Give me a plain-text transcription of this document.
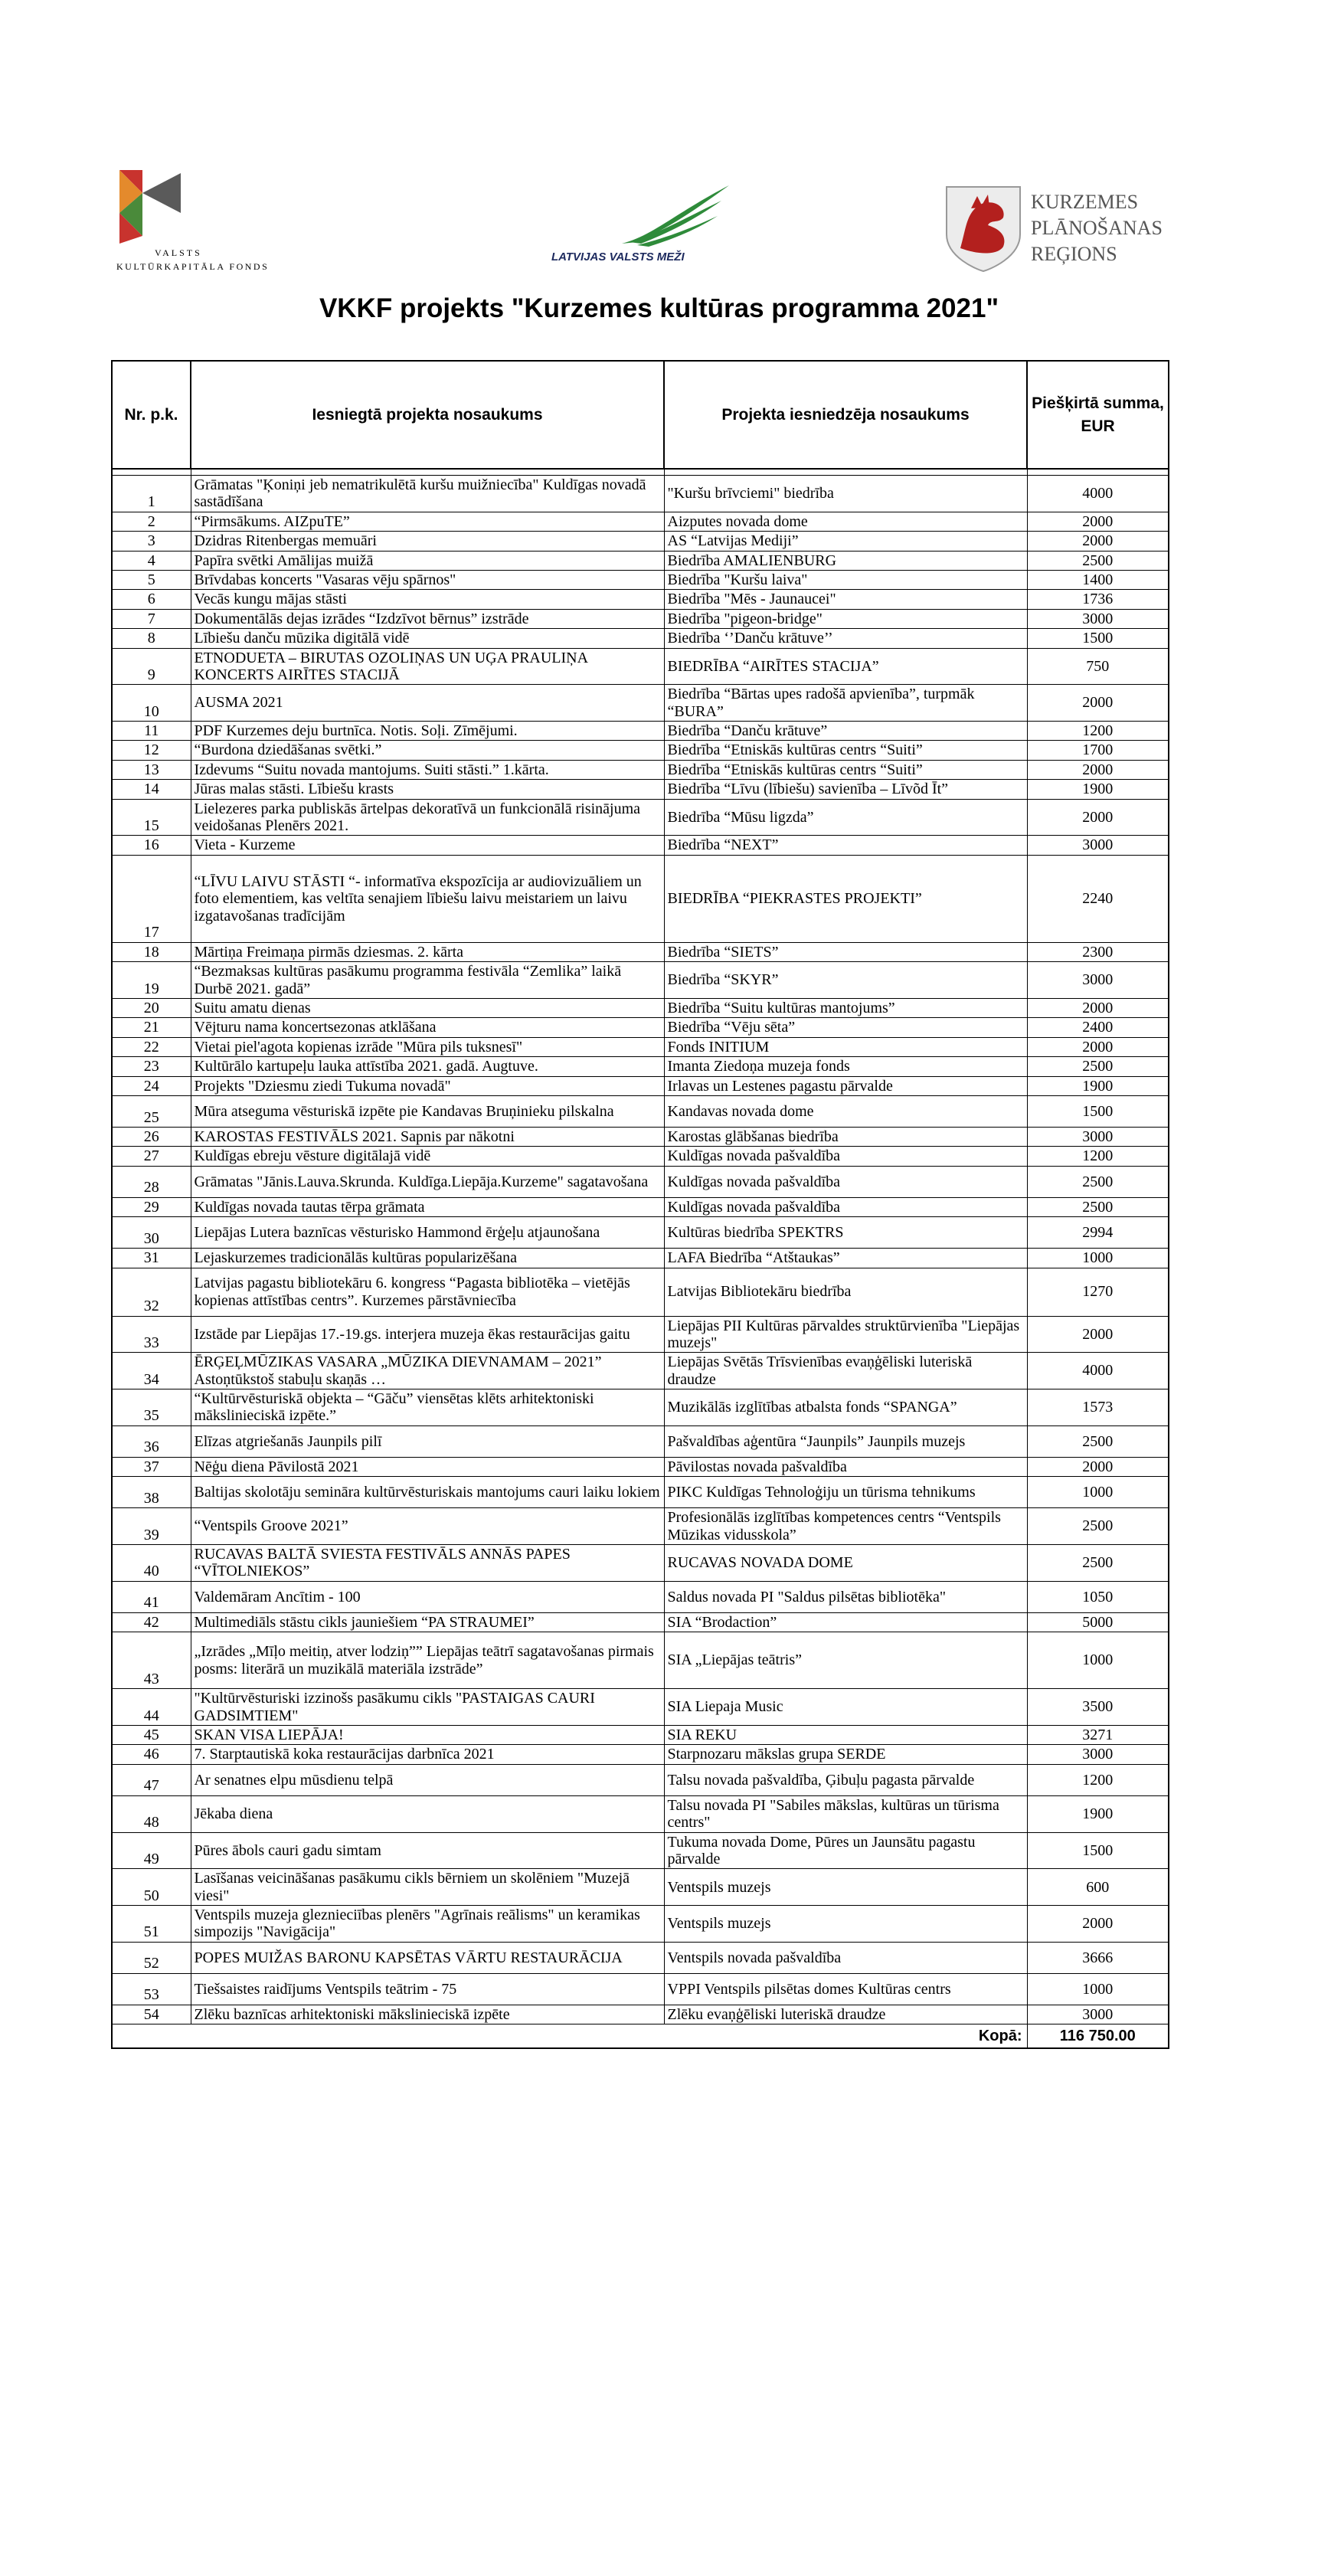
VALSTS
KULTŪRKAPITĀLA FONDS
LATVIJAS VALSTS MEŽI
KURZEMES
PLĀNOŠANAS
REĢIONS
VKKF projekts "Kurzemes kultūras programma 2021"
Nr. p.k.	Iesniegtā projekta nosaukums	Projekta iesniedzēja nosaukums	Piešķirtā summa, EUR

1	Grāmatas "Ķoniņi jeb nematrikulētā kuršu muižniecība" Kuldīgas novadā sastādīšana	"Kuršu brīvciemi" biedrība	4000
2	“Pirmsākums. AIZpuTE”	Aizputes novada dome	2000
3	Dzidras Ritenbergas memuāri	AS “Latvijas Mediji”	2000
4	Papīra svētki Amālijas muižā	Biedrība AMALIENBURG	2500
5	Brīvdabas koncerts "Vasaras vēju spārnos"	Biedrība "Kuršu laiva"	1400
6	Vecās kungu mājas stāsti	Biedrība "Mēs - Jaunaucei"	1736
7	Dokumentālās dejas izrādes “Izdzīvot bērnus” izstrāde	Biedrība "pigeon-bridge"	3000
8	Lībiešu danču mūzika digitālā vidē	Biedrība ‘’Danču krātuve’’	1500
9	ETNODUETA – BIRUTAS OZOLIŅAS UN UĢA PRAULIŅA KONCERTS AIRĪTES STACIJĀ	BIEDRĪBA “AIRĪTES STACIJA”	750
10	AUSMA 2021	Biedrība “Bārtas upes radošā apvienība”, turpmāk “BURA”	2000
11	PDF Kurzemes deju burtnīca. Notis. Soļi. Zīmējumi.	Biedrība “Danču krātuve”	1200
12	“Burdona dziedāšanas svētki.”	Biedrība “Etniskās kultūras centrs “Suiti”	1700
13	Izdevums “Suitu novada mantojums. Suiti stāsti.” 1.kārta.	Biedrība “Etniskās kultūras centrs “Suiti”	2000
14	Jūras malas stāsti. Lībiešu krasts	Biedrība “Līvu (lībiešu) savienība – Līvõd Īt”	1900
15	Lielezeres parka publiskās ārtelpas dekoratīvā un funkcionālā risinājuma veidošanas Plenērs 2021.	Biedrība “Mūsu ligzda”	2000
16	Vieta - Kurzeme	Biedrība “NEXT”	3000
17	“LĪVU LAIVU STĀSTI “- informatīva ekspozīcija ar audiovizuāliem un foto elementiem, kas veltīta senajiem lībiešu laivu meistariem un laivu izgatavošanas tradīcijām	BIEDRĪBA “PIEKRASTES PROJEKTI”	2240
18	Mārtiņa Freimaņa pirmās dziesmas. 2. kārta	Biedrība “SIETS”	2300
19	“Bezmaksas kultūras pasākumu programma festivāla “Zemlika” laikā Durbē 2021. gadā”	Biedrība “SKYR”	3000
20	Suitu amatu dienas	Biedrība “Suitu kultūras mantojums”	2000
21	Vējturu nama koncertsezonas atklāšana	Biedrība “Vēju sēta”	2400
22	Vietai piel'agota kopienas izrāde "Mūra pils tuksnesī"	Fonds INITIUM	2000
23	Kultūrālo kartupeļu lauka attīstība 2021. gadā. Augtuve.	Imanta Ziedoņa muzeja fonds	2500
24	Projekts "Dziesmu ziedi Tukuma novadā"	Irlavas un Lestenes pagastu pārvalde	1900
25	Mūra atseguma vēsturiskā izpēte pie Kandavas Bruņinieku pilskalna	Kandavas novada dome	1500
26	KAROSTAS FESTIVĀLS 2021. Sapnis par nākotni	Karostas glābšanas biedrība	3000
27	Kuldīgas ebreju vēsture digitālajā vidē	Kuldīgas novada pašvaldība	1200
28	Grāmatas "Jānis.Lauva.Skrunda. Kuldīga.Liepāja.Kurzeme" sagatavošana	Kuldīgas novada pašvaldība	2500
29	Kuldīgas novada tautas tērpa grāmata	Kuldīgas novada pašvaldība	2500
30	Liepājas Lutera baznīcas vēsturisko Hammond ērģeļu atjaunošana	Kultūras biedrība SPEKTRS	2994
31	Lejaskurzemes tradicionālās kultūras popularizēšana	LAFA Biedrība “Atštaukas”	1000
32	Latvijas pagastu bibliotekāru 6. kongress “Pagasta bibliotēka – vietējās kopienas attīstības centrs”. Kurzemes pārstāvniecība	Latvijas Bibliotekāru biedrība	1270
33	Izstāde par Liepājas 17.-19.gs. interjera muzeja ēkas restaurācijas gaitu	Liepājas PII Kultūras pārvaldes struktūrvienība "Liepājas muzejs"	2000
34	ĒRĢEĻMŪZIKAS VASARA „MŪZIKA DIEVNAMAM – 2021” Astoņtūkstoš stabuļu skaņās …	Liepājas Svētās Trīsvienības evaņģēliski luteriskā draudze	4000
35	“Kultūrvēsturiskā objekta – “Gāču” viensētas klēts arhitektoniski mākslinieciskā izpēte.”	Muzikālās izglītības atbalsta fonds “SPANGA”	1573
36	Elīzas atgriešanās Jaunpils pilī	Pašvaldības aģentūra “Jaunpils” Jaunpils muzejs	2500
37	Nēģu diena Pāvilostā 2021	Pāvilostas novada pašvaldība	2000
38	Baltijas skolotāju semināra kultūrvēsturiskais mantojums cauri laiku lokiem	PIKC Kuldīgas Tehnoloģiju un tūrisma tehnikums	1000
39	“Ventspils Groove 2021”	Profesionālās izglītības kompetences centrs “Ventspils Mūzikas vidusskola”	2500
40	RUCAVAS BALTĀ SVIESTA FESTIVĀLS ANNĀS PAPES “VĪTOLNIEKOS”	RUCAVAS NOVADA DOME	2500
41	Valdemāram Ancītim - 100	Saldus novada PI "Saldus pilsētas bibliotēka"	1050
42	Multimediāls stāstu cikls jauniešiem “PA STRAUMEI”	SIA “Brodaction”	5000
43	„Izrādes „Mīļo meitiņ, atver lodziņ”” Liepājas teātrī sagatavošanas pirmais posms: literārā un muzikālā materiāla izstrāde”	SIA „Liepājas teātris”	1000
44	"Kultūrvēsturiski izzinošs pasākumu cikls "PASTAIGAS CAURI GADSIMTIEM"	SIA Liepaja Music	3500
45	SKAN VISA LIEPĀJA!	SIA REKU	3271
46	7. Starptautiskā koka restaurācijas darbnīca 2021	Starpnozaru mākslas grupa SERDE	3000
47	Ar senatnes elpu mūsdienu telpā	Talsu novada pašvaldība, Ģibuļu pagasta pārvalde	1200
48	Jēkaba diena	Talsu novada PI "Sabiles mākslas, kultūras un tūrisma centrs"	1900
49	Pūres ābols cauri gadu simtam	Tukuma novada Dome, Pūres un Jaunsātu pagastu pārvalde	1500
50	Lasīšanas veicināšanas pasākumu cikls bērniem un skolēniem "Muzejā viesi"	Ventspils muzejs	600
51	Ventspils muzeja gleznieciības plenērs "Agrīnais reālisms" un keramikas simpozijs "Navigācija"	Ventspils muzejs	2000
52	POPES MUIŽAS BARONU KAPSĒTAS VĀRTU RESTAURĀCIJA	Ventspils novada pašvaldība	3666
53	Tiešsaistes raidījums Ventspils teātrim - 75	VPPI Ventspils pilsētas domes Kultūras centrs	1000
54	Zlēku baznīcas arhitektoniski mākslinieciskā izpēte	Zlēku evaņģēliski luteriskā draudze	3000
		Kopā:	116 750.00
